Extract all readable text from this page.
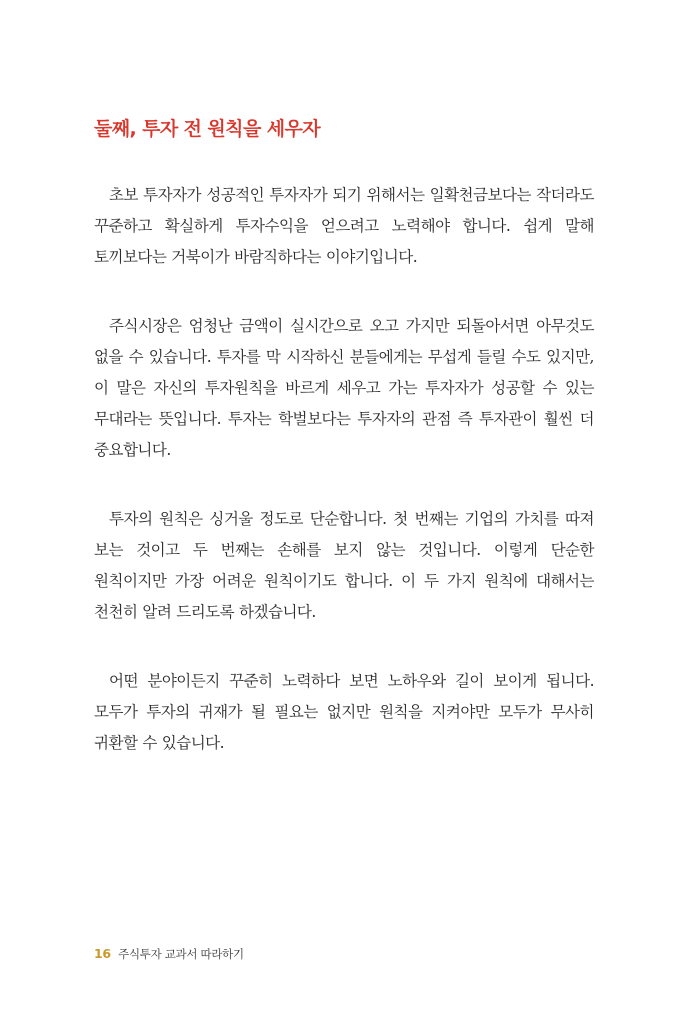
둘째, 투자 전 원칙을 세우자

초보 투자자가 성공적인 투자자가 되기 위해서는 일확천금보다는 작더라도 꾸준하고 확실하게 투자수익을 얻으려고 노력해야 합니다. 쉽게 말해 토끼보다는 거북이가 바람직하다는 이야기입니다.

주식시장은 엄청난 금액이 실시간으로 오고 가지만 되돌아서면 아무것도 없을 수 있습니다. 투자를 막 시작하신 분들에게는 무섭게 들릴 수도 있지만, 이 말은 자신의 투자원칙을 바르게 세우고 가는 투자자가 성공할 수 있는 무대라는 뜻입니다. 투자는 학벌보다는 투자자의 관점 즉 투자관이 훨씬 더 중요합니다.

투자의 원칙은 싱거울 정도로 단순합니다. 첫 번째는 기업의 가치를 따져 보는 것이고 두 번째는 손해를 보지 않는 것입니다. 이렇게 단순한 원칙이지만 가장 어려운 원칙이기도 합니다. 이 두 가지 원칙에 대해서는 천천히 알려 드리도록 하겠습니다.

어떤 분야이든지 꾸준히 노력하다 보면 노하우와 길이 보이게 됩니다. 모두가 투자의 귀재가 될 필요는 없지만 원칙을 지켜야만 모두가 무사히 귀환할 수 있습니다.

16 주식투자 교과서 따라하기
